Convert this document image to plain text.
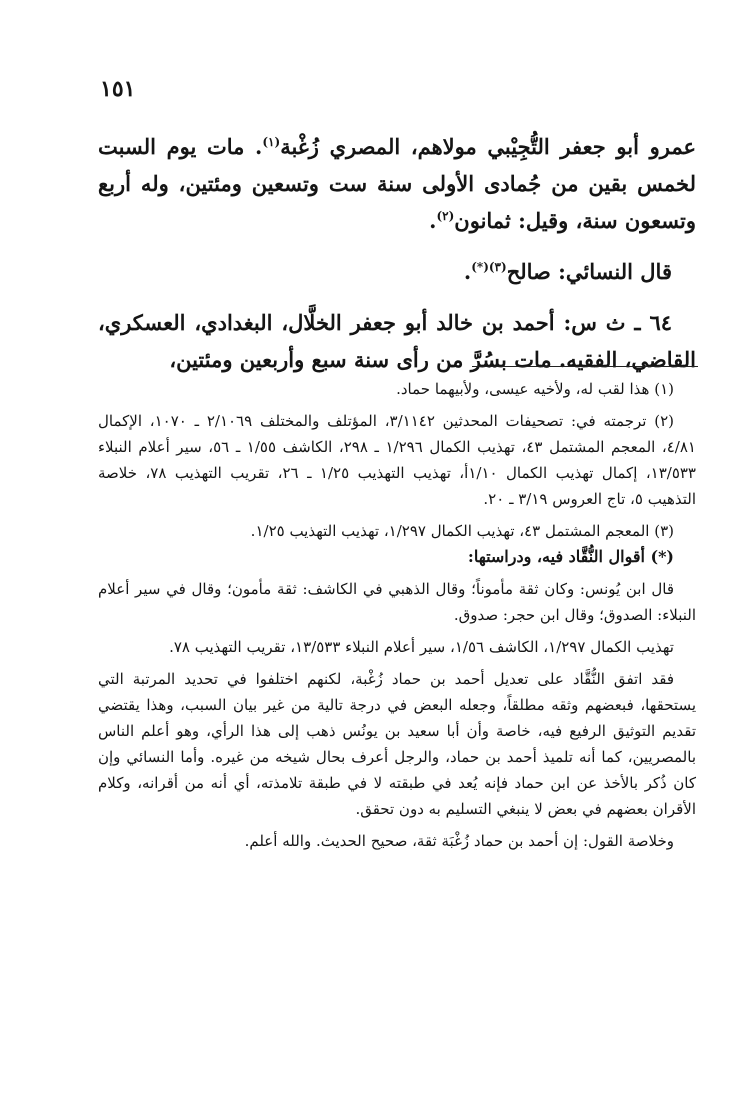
١٥١

عمرو أبو جعفر التُّجِيْبي مولاهم، المصري زُغْبة$^{(١)}$. مات يوم السبت لخمس بقين من جُمادى الأولى سنة ست وتسعين ومئتين، وله أربع وتسعون سنة، وقيل: ثمانون$^{(٢)}$.

قال النسائي: صالح$^{(٣)(*)}$.

٦٤ ـ ث س: أحمد بن خالد أبو جعفر الخلَّال، البغدادي، العسكري، القاضي، الفقيه. مات بسُرَّ من رأى سنة سبع وأربعين ومئتين،

(١) هذا لقب له، ولأخيه عيسى، ولأبيهما حماد.

(٢) ترجمته في: تصحيفات المحدثين ٣/١١٤٢، المؤتلف والمختلف ٢/١٠٦٩ ـ ١٠٧٠، الإكمال ٤/٨١، المعجم المشتمل ٤٣، تهذيب الكمال ١/٢٩٦ ـ ٢٩٨، الكاشف ١/٥٥ ـ ٥٦، سير أعلام النبلاء ١٣/٥٣٣، إكمال تهذيب الكمال ١/١٠أ، تهذيب التهذيب ١/٢٥ ـ ٢٦، تقريب التهذيب ٧٨، خلاصة التذهيب ٥، تاج العروس ٣/١٩ ـ ٢٠.

(٣) المعجم المشتمل ٤٣، تهذيب الكمال ١/٢٩٧، تهذيب التهذيب ١/٢٥.

(*) أقوال النُّقَّاد فيه، ودراستها:

قال ابن يُونس: وكان ثقة مأموناً؛ وقال الذهبي في الكاشف: ثقة مأمون؛ وقال في سير أعلام النبلاء: الصدوق؛ وقال ابن حجر: صدوق.

تهذيب الكمال ١/٢٩٧، الكاشف ١/٥٦، سير أعلام النبلاء ١٣/٥٣٣، تقريب التهذيب ٧٨.

فقد اتفق النُّقَّاد على تعديل أحمد بن حماد زُغْبة، لكنهم اختلفوا في تحديد المرتبة التي يستحقها، فبعضهم وثقه مطلقاً، وجعله البعض في درجة تالية من غير بيان السبب، وهذا يقتضي تقديم التوثيق الرفيع فيه، خاصة وأن أبا سعيد بن يونُس ذهب إلى هذا الرأي، وهو أعلم الناس بالمصريين، كما أنه تلميذ أحمد بن حماد، والرجل أعرف بحال شيخه من غيره. وأما النسائي وإن كان ذُكر بالأخذ عن ابن حماد فإنه يُعد في طبقته لا في طبقة تلامذته، أي أنه من أقرانه، وكلام الأقران بعضهم في بعض لا ينبغي التسليم به دون تحقق.

وخلاصة القول: إن أحمد بن حماد زُغْبَة ثقة، صحيح الحديث. والله أعلم.
